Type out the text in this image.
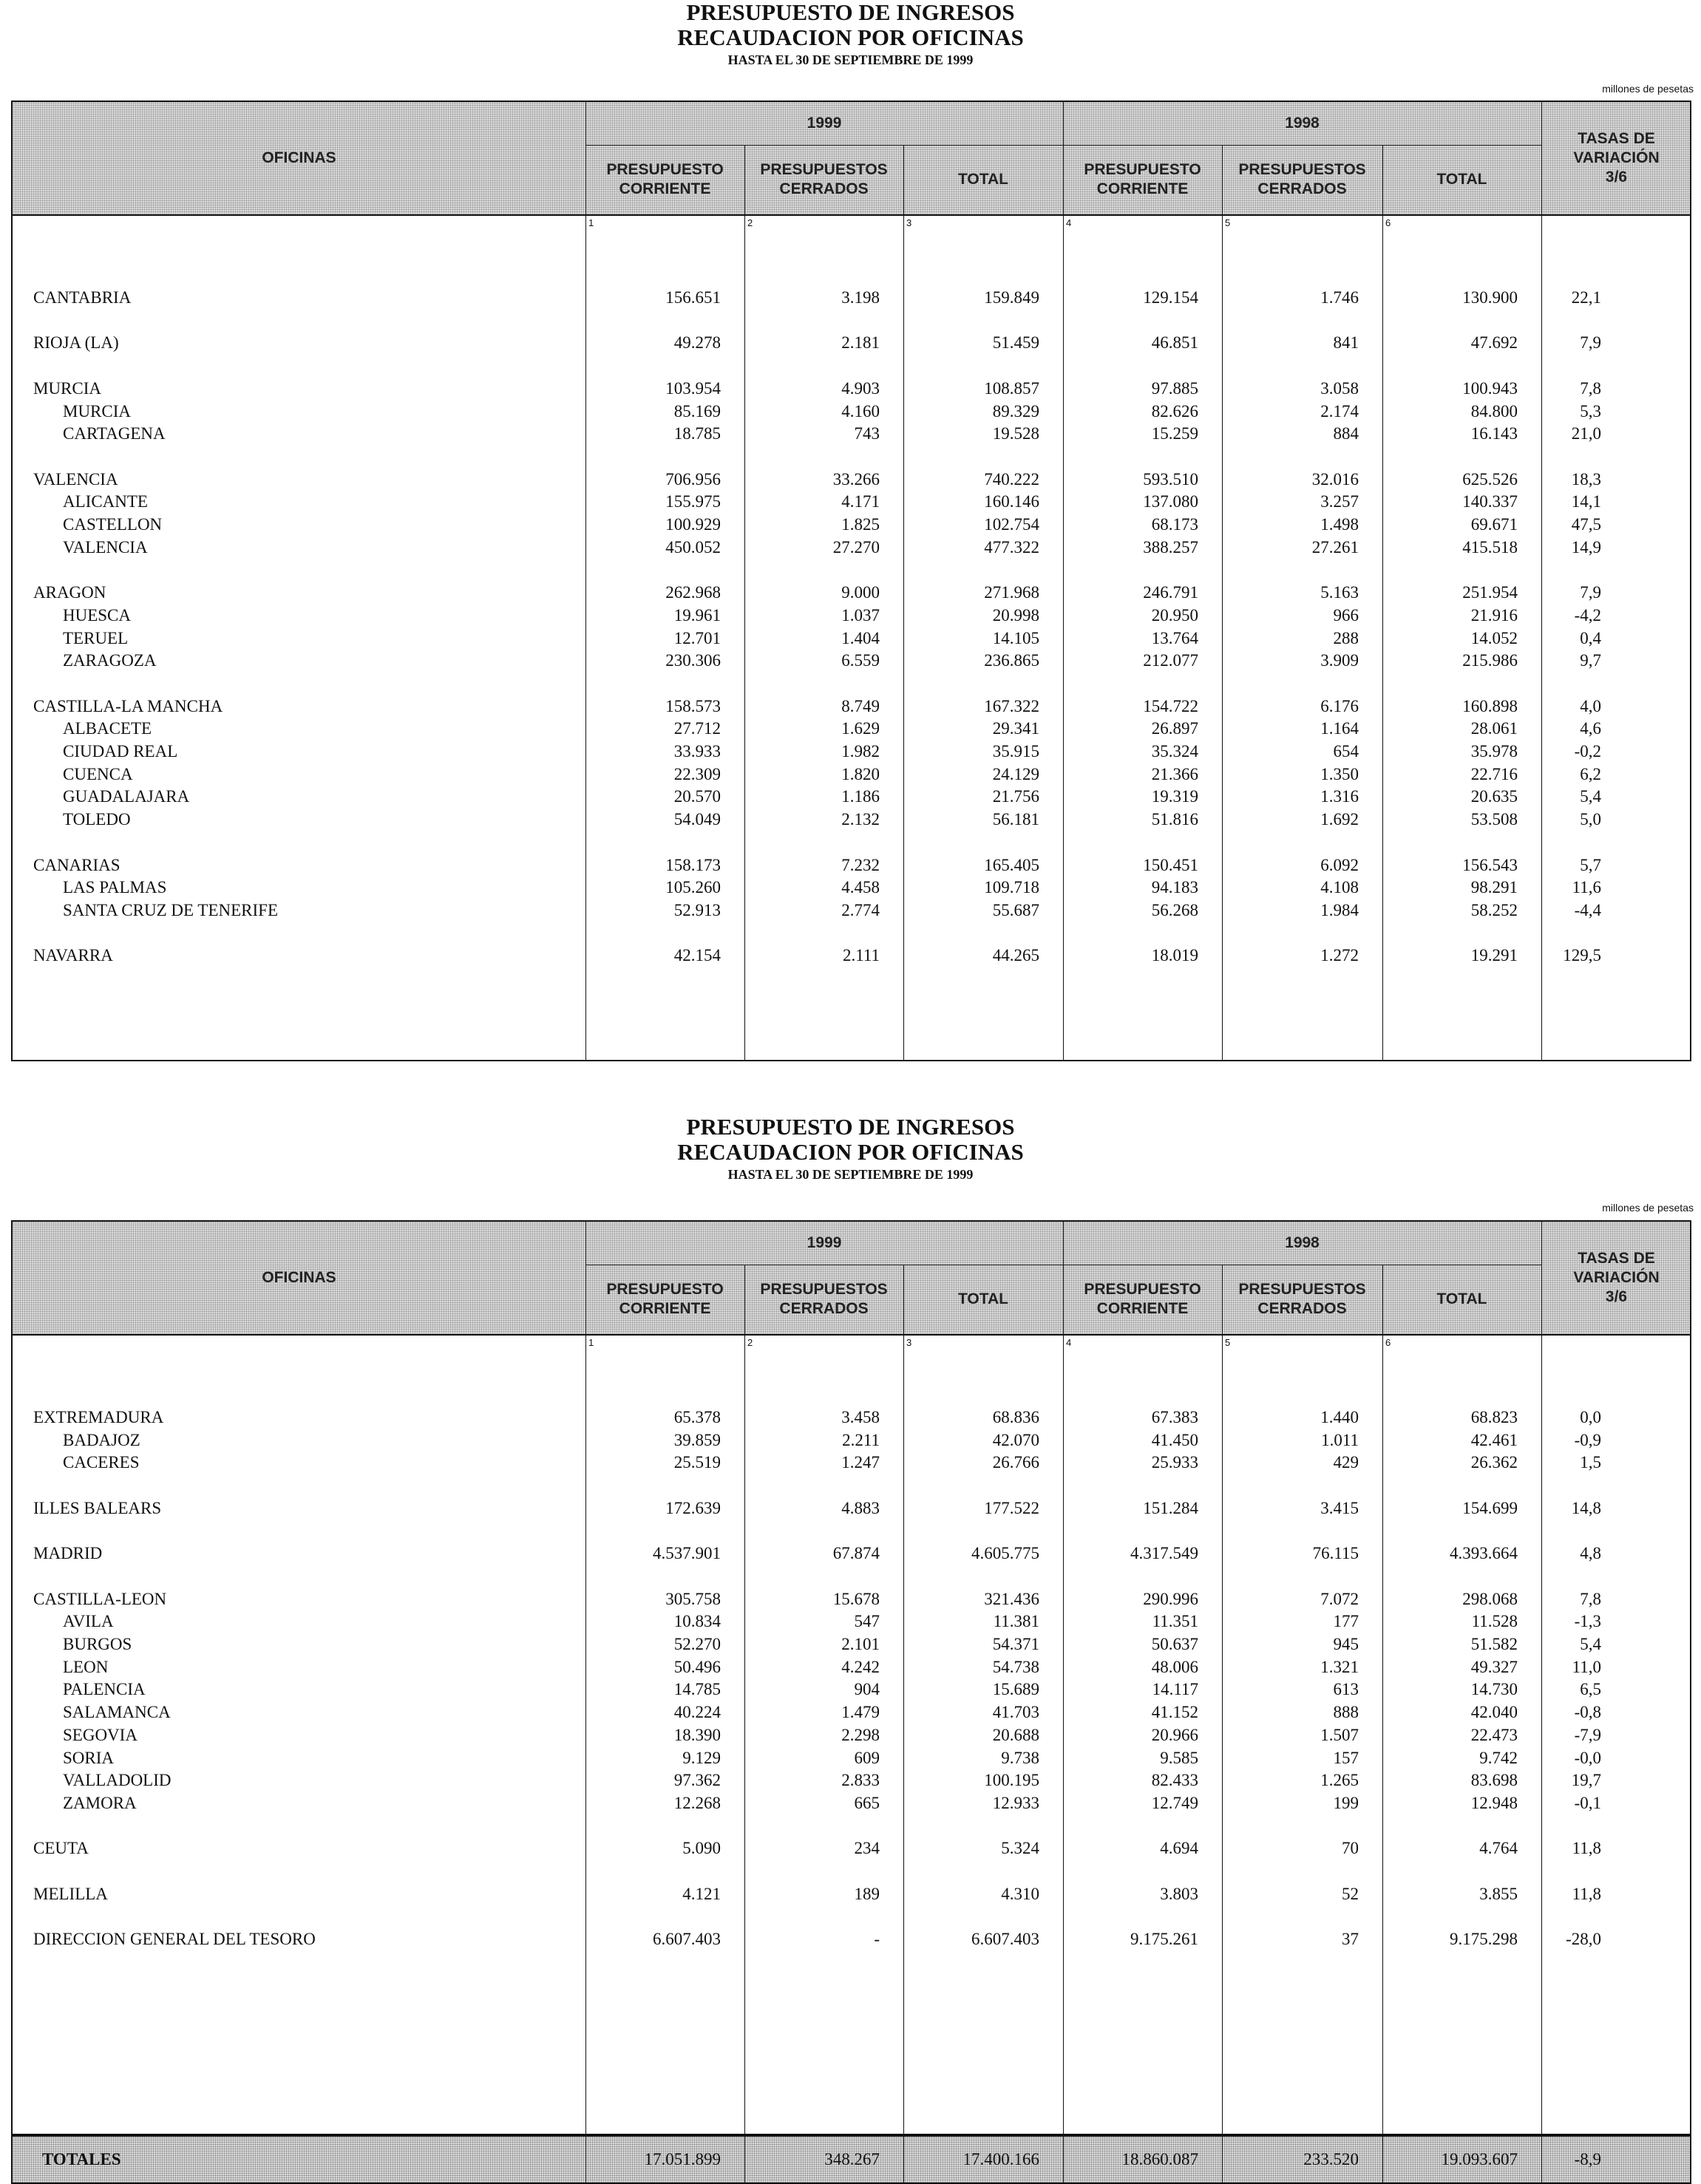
PRESUPUESTO DE INGRESOS
RECAUDACION POR OFICINAS
HASTA EL 30 DE SEPTIEMBRE DE 1999
millones de pesetas
OFICINAS
1999	1998
PRESUPUESTO CORRIENTE
PRESUPUESTOS CERRADOS
TOTAL
PRESUPUESTO CORRIENTE
PRESUPUESTOS CERRADOS
TOTAL
TASAS DE VARIACIÓN 3/6
1	2	3	4	5	6
CANTABRIA	156.651	3.198	159.849	129.154	1.746	130.900	22,1
RIOJA (LA)	49.278	2.181	51.459	46.851	841	47.692	7,9
MURCIA	103.954	4.903	108.857	97.885	3.058	100.943	7,8
MURCIA	85.169	4.160	89.329	82.626	2.174	84.800	5,3
CARTAGENA	18.785	743	19.528	15.259	884	16.143	21,0
VALENCIA	706.956	33.266	740.222	593.510	32.016	625.526	18,3
ALICANTE	155.975	4.171	160.146	137.080	3.257	140.337	14,1
CASTELLON	100.929	1.825	102.754	68.173	1.498	69.671	47,5
VALENCIA	450.052	27.270	477.322	388.257	27.261	415.518	14,9
ARAGON	262.968	9.000	271.968	246.791	5.163	251.954	7,9
HUESCA	19.961	1.037	20.998	20.950	966	21.916	-4,2
TERUEL	12.701	1.404	14.105	13.764	288	14.052	0,4
ZARAGOZA	230.306	6.559	236.865	212.077	3.909	215.986	9,7
CASTILLA-LA MANCHA	158.573	8.749	167.322	154.722	6.176	160.898	4,0
ALBACETE	27.712	1.629	29.341	26.897	1.164	28.061	4,6
CIUDAD REAL	33.933	1.982	35.915	35.324	654	35.978	-0,2
CUENCA	22.309	1.820	24.129	21.366	1.350	22.716	6,2
GUADALAJARA	20.570	1.186	21.756	19.319	1.316	20.635	5,4
TOLEDO	54.049	2.132	56.181	51.816	1.692	53.508	5,0
CANARIAS	158.173	7.232	165.405	150.451	6.092	156.543	5,7
LAS PALMAS	105.260	4.458	109.718	94.183	4.108	98.291	11,6
SANTA CRUZ DE TENERIFE	52.913	2.774	55.687	56.268	1.984	58.252	-4,4
NAVARRA	42.154	2.111	44.265	18.019	1.272	19.291	129,5
PRESUPUESTO DE INGRESOS
RECAUDACION POR OFICINAS
HASTA EL 30 DE SEPTIEMBRE DE 1999
millones de pesetas
OFICINAS
1999	1998
PRESUPUESTO CORRIENTE
PRESUPUESTOS CERRADOS
TOTAL
PRESUPUESTO CORRIENTE
PRESUPUESTOS CERRADOS
TOTAL
TASAS DE VARIACIÓN 3/6
1	2	3	4	5	6
EXTREMADURA	65.378	3.458	68.836	67.383	1.440	68.823	0,0
BADAJOZ	39.859	2.211	42.070	41.450	1.011	42.461	-0,9
CACERES	25.519	1.247	26.766	25.933	429	26.362	1,5
ILLES BALEARS	172.639	4.883	177.522	151.284	3.415	154.699	14,8
MADRID	4.537.901	67.874	4.605.775	4.317.549	76.115	4.393.664	4,8
CASTILLA-LEON	305.758	15.678	321.436	290.996	7.072	298.068	7,8
AVILA	10.834	547	11.381	11.351	177	11.528	-1,3
BURGOS	52.270	2.101	54.371	50.637	945	51.582	5,4
LEON	50.496	4.242	54.738	48.006	1.321	49.327	11,0
PALENCIA	14.785	904	15.689	14.117	613	14.730	6,5
SALAMANCA	40.224	1.479	41.703	41.152	888	42.040	-0,8
SEGOVIA	18.390	2.298	20.688	20.966	1.507	22.473	-7,9
SORIA	9.129	609	9.738	9.585	157	9.742	-0,0
VALLADOLID	97.362	2.833	100.195	82.433	1.265	83.698	19,7
ZAMORA	12.268	665	12.933	12.749	199	12.948	-0,1
CEUTA	5.090	234	5.324	4.694	70	4.764	11,8
MELILLA	4.121	189	4.310	3.803	52	3.855	11,8
DIRECCION GENERAL DEL TESORO	6.607.403	-	6.607.403	9.175.261	37	9.175.298	-28,0
TOTALES	17.051.899	348.267	17.400.166	18.860.087	233.520	19.093.607	-8,9
